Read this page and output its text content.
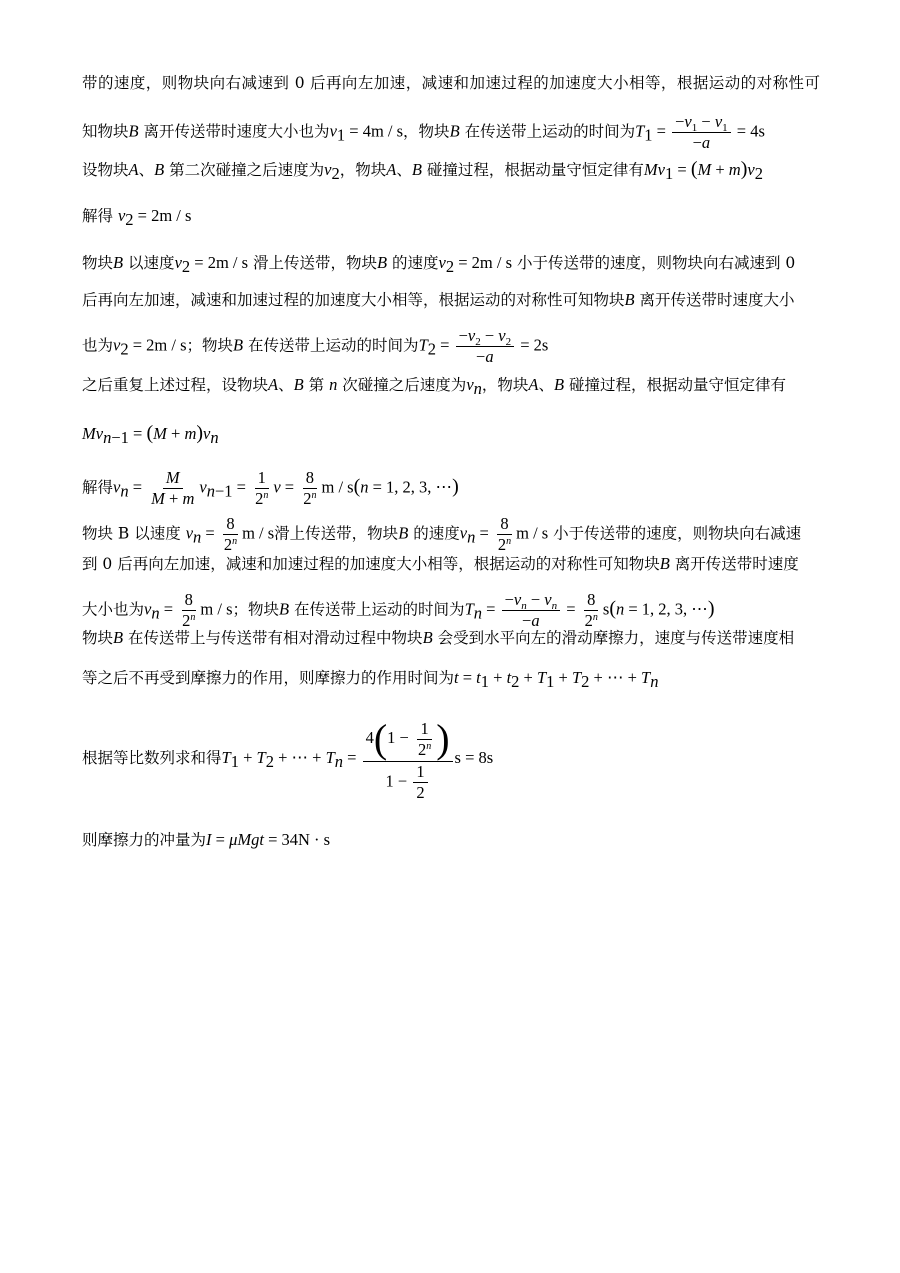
带的速度，则物块向右减速到 0 后再向左加速，减速和加速过程的加速度大小相等，根据运动的对称性可
知物块B 离开传送带时速度大小也为$v_1 = 4m / s$，物块B 在传送带上运动的时间为$T_1 = \frac{-v_1 - v_1}{-a} = 4s$
设物块A、B 第二次碰撞之后速度为$v_2$，物块A、B 碰撞过程，根据动量守恒定律有$Mv_1 = (M + m)v_2$
解得 $v_2 = 2m / s$
物块B 以速度$v_2 = 2m / s$ 滑上传送带，物块B 的速度$v_2 = 2m / s$ 小于传送带的速度，则物块向右减速到 0
后再向左加速，减速和加速过程的加速度大小相等，根据运动的对称性可知物块B 离开传送带时速度大小
也为$v_2 = 2m / s$；物块B 在传送带上运动的时间为$T_2 = \frac{-v_2 - v_2}{-a} = 2s$
之后重复上述过程，设物块A、B 第 n 次碰撞之后速度为$v_n$，物块A、B 碰撞过程，根据动量守恒定律有
$Mv_{n-1} = (M + m)v_n$
解得$v_n = \frac{M}{M + m} v_{n-1} = \frac{1}{2^n}$ $v = \frac{8}{2^n}$ m / s(n = 1, 2, 3, ⋯)
物块 B 以速度 $v_n = \frac{8}{2^n}$ m / s滑上传送带，物块B 的速度$v_n = \frac{8}{2^n}$ m / s 小于传送带的速度，则物块向右减速
到 0 后再向左加速，减速和加速过程的加速度大小相等，根据运动的对称性可知物块B 离开传送带时速度
大小也为$v_n = \frac{8}{2^n}$ m / s；物块B 在传送带上运动的时间为$T_n = \frac{-v_n - v_n}{-a} = \frac{8}{2^n} s(n = 1$, 2, 3, ⋯)
物块B 在传送带上与传送带有相对滑动过程中物块B 会受到水平向左的滑动摩擦力，速度与传送带速度相
等之后不再受到摩擦力的作用，则摩擦力的作用时间为$t = t_1 + t_2 + T_1 + T_2$ + ⋯ + $T_n$
根据等比数列求和得$T_1 + T_2$ + ⋯ + $T_n = \frac{4(1 - \frac{1}{2^n} )}{1 - \frac{1}{2}}$ s = 8s
则摩擦力的冲量为I = μMgt = 34N · s
